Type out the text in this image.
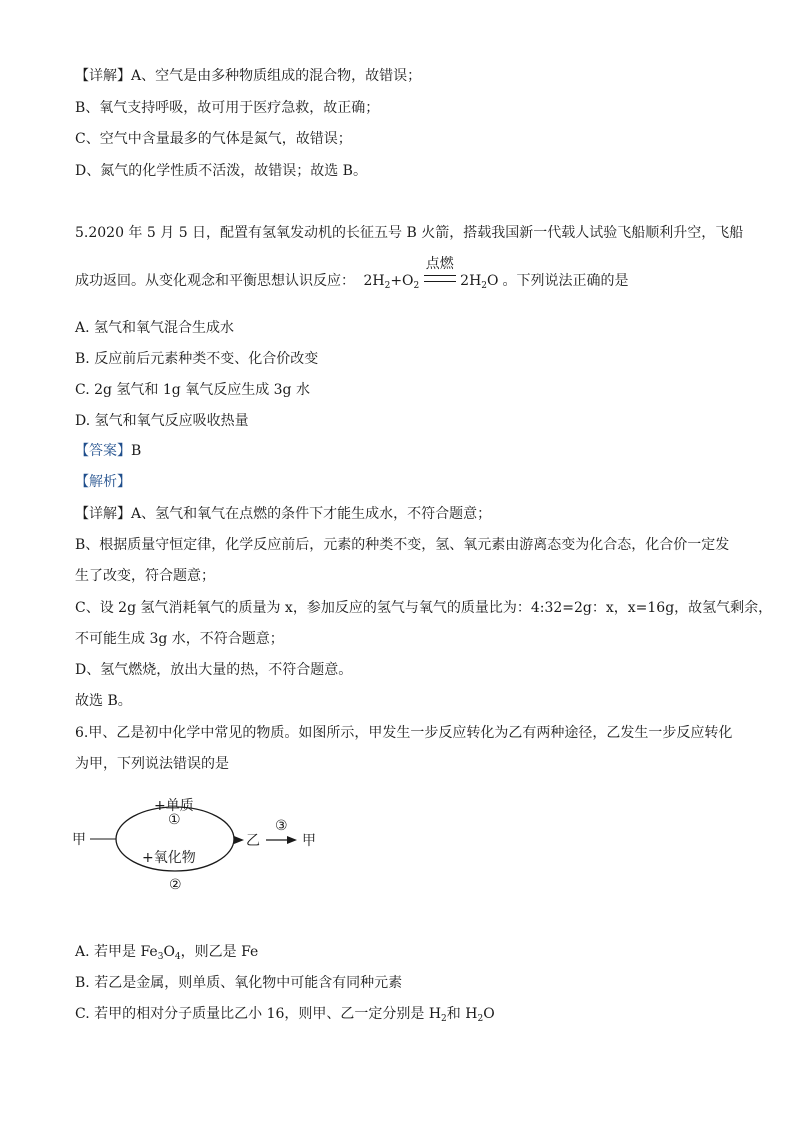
【详解】A、空气是由多种物质组成的混合物，故错误；
B、氧气支持呼吸，故可用于医疗急救，故正确；
C、空气中含量最多的气体是氮气，故错误；
D、氮气的化学性质不活泼，故错误；故选 B。
5.2020 年 5 月 5 日，配置有氢氧发动机的长征五号 B 火箭，搭载我国新一代载人试验飞船顺利升空，飞船
成功返回。从变化观念和平衡思想认识反应： $2H_2+O_2$
点燃
$2H_2O$ 。下列说法正确的是
A. 氢气和氧气混合生成水
B. 反应前后元素种类不变、化合价改变
C. 2g 氢气和 1g 氧气反应生成 3g 水
D. 氢气和氧气反应吸收热量
【答案】B
【解析】
【详解】A、氢气和氧气在点燃的条件下才能生成水，不符合题意；
B、根据质量守恒定律，化学反应前后，元素的种类不变，氢、氧元素由游离态变为化合态，化合价一定发
生了改变，符合题意；
C、设 2g 氢气消耗氧气的质量为 x，参加反应的氢气与氧气的质量比为：4:32=2g：x，x=16g，故氢气剩余，
不可能生成 3g 水，不符合题意；
D、氢气燃烧，放出大量的热，不符合题意。
故选 B。
6.甲、乙是初中化学中常见的物质。如图所示，甲发生一步反应转化为乙有两种途径，乙发生一步反应转化
为甲，下列说法错误的是
甲
+单质
①
+氧化物
②
乙
③
甲
A. 若甲是 $Fe_3O_4$，则乙是 Fe
B. 若乙是金属，则单质、氧化物中可能含有同种元素
C. 若甲的相对分子质量比乙小 16，则甲、乙一定分别是 $H_2$和 $H_2O$
